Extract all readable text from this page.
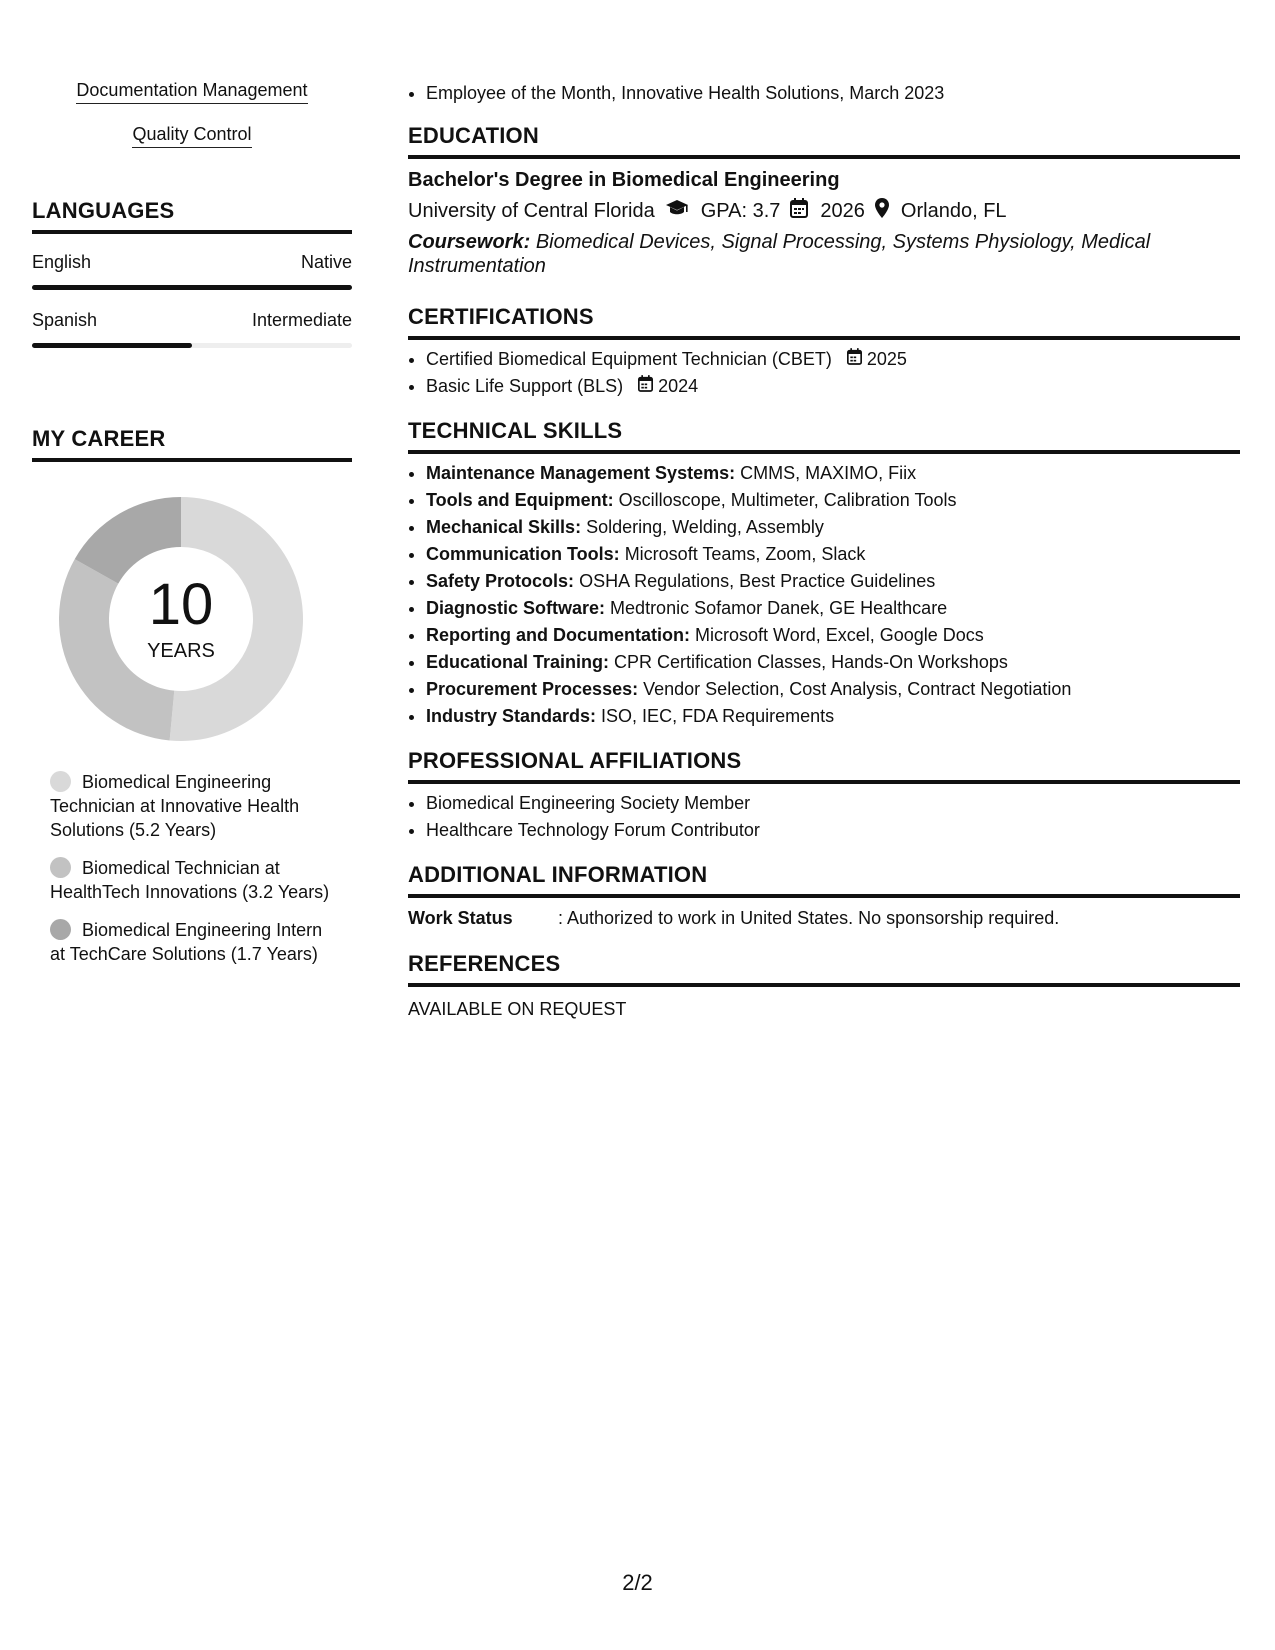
Documentation Management
Quality Control
LANGUAGES
English	Native
Spanish	Intermediate
MY CAREER
10
YEARS
Biomedical Engineering Technician at Innovative Health Solutions (5.2 Years)
Biomedical Technician at HealthTech Innovations (3.2 Years)
Biomedical Engineering Intern at TechCare Solutions (1.7 Years)
• Employee of the Month, Innovative Health Solutions, March 2023
EDUCATION
Bachelor's Degree in Biomedical Engineering
University of Central Florida GPA: 3.7 2026 Orlando, FL
Coursework: Biomedical Devices, Signal Processing, Systems Physiology, Medical Instrumentation
CERTIFICATIONS
• Certified Biomedical Equipment Technician (CBET) 2025
• Basic Life Support (BLS) 2024
TECHNICAL SKILLS
• Maintenance Management Systems: CMMS, MAXIMO, Fiix
• Tools and Equipment: Oscilloscope, Multimeter, Calibration Tools
• Mechanical Skills: Soldering, Welding, Assembly
• Communication Tools: Microsoft Teams, Zoom, Slack
• Safety Protocols: OSHA Regulations, Best Practice Guidelines
• Diagnostic Software: Medtronic Sofamor Danek, GE Healthcare
• Reporting and Documentation: Microsoft Word, Excel, Google Docs
• Educational Training: CPR Certification Classes, Hands-On Workshops
• Procurement Processes: Vendor Selection, Cost Analysis, Contract Negotiation
• Industry Standards: ISO, IEC, FDA Requirements
PROFESSIONAL AFFILIATIONS
• Biomedical Engineering Society Member
• Healthcare Technology Forum Contributor
ADDITIONAL INFORMATION
Work Status	: Authorized to work in United States. No sponsorship required.
REFERENCES
AVAILABLE ON REQUEST
2/2
